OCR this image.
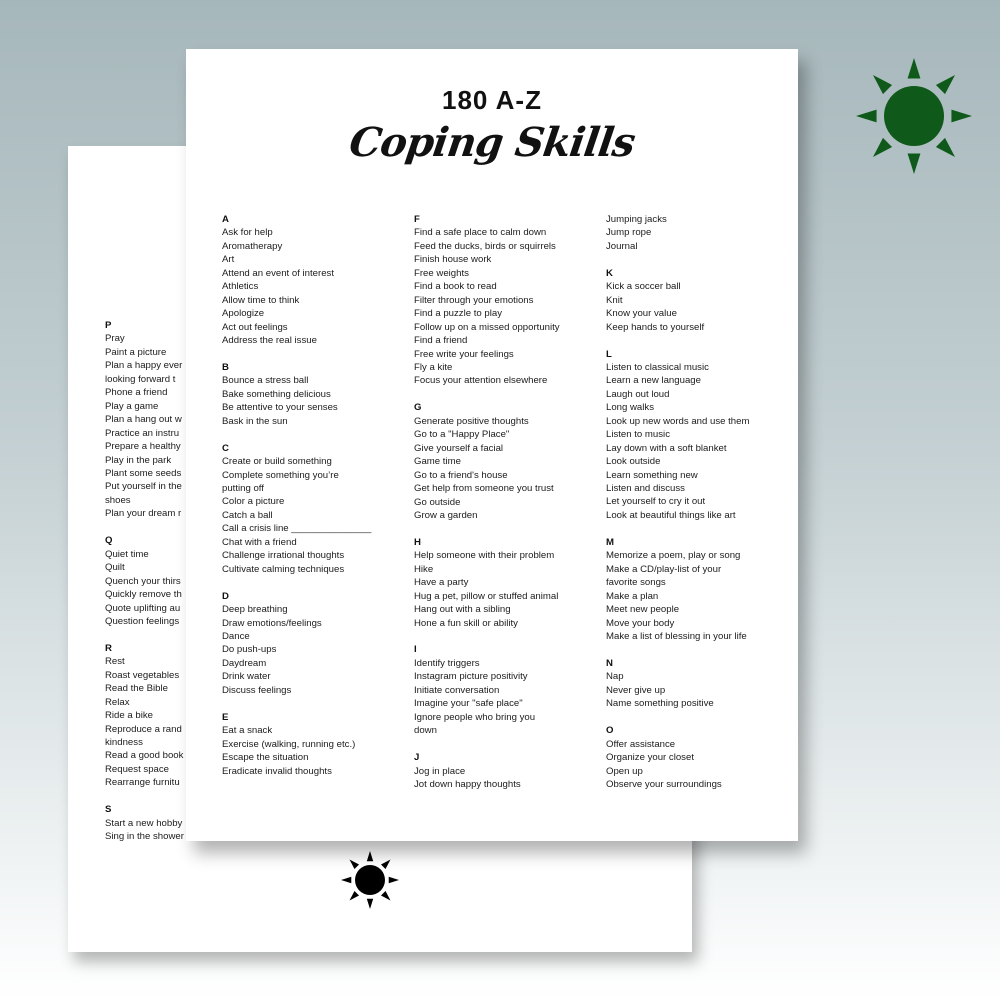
P
Pray
Paint a picture
Plan a happy ever
looking forward t
Phone a friend
Play a game
Plan a hang out w
Practice an instru
Prepare a healthy
Play in the park
Plant some seeds
Put yourself in the
shoes
Plan your dream r
Q
Quiet time
Quilt
Quench your thirs
Quickly remove th
Quote uplifting au
Question feelings
R
Rest
Roast vegetables
Read the Bible
Relax
Ride a bike
Reproduce a rand
kindness
Read a good book
Request space
Rearrange furnitu
S
Start a new hobby
Sing in the shower
180 A-Z
Coping Skills
A
Ask for help
Aromatherapy
Art
Attend an event of interest
Athletics
Allow time to think
Apologize
Act out feelings
Address the real issue
B
Bounce a stress ball
Bake something delicious
Be attentive to your senses
Bask in the sun
C
Create or build something
Complete something you’re
putting off
Color a picture
Catch a ball
Call a crisis line _______________
Chat with a friend
Challenge irrational thoughts
Cultivate calming techniques
D
Deep breathing
Draw emotions/feelings
Dance
Do push-ups
Daydream
Drink water
Discuss feelings
E
Eat a snack
Exercise (walking, running etc.)
Escape the situation
Eradicate invalid thoughts
F
Find a safe place to calm down
Feed the ducks, birds or squirrels
Finish house work
Free weights
Find a book to read
Filter through your emotions
Find a puzzle to play
Follow up on a missed opportunity
Find a friend
Free write your feelings
Fly a kite
Focus your attention elsewhere
G
Generate positive thoughts
Go to a "Happy Place"
Give yourself a facial
Game time
Go to a friend's house
Get help from someone you trust
Go outside
Grow a garden
H
Help someone with their problem
Hike
Have a party
Hug a pet, pillow or stuffed animal
Hang out with a sibling
Hone a fun skill or ability
I
Identify triggers
Instagram picture positivity
Initiate conversation
Imagine your "safe place"
Ignore people who bring you
down
J
Jog in place
Jot down happy thoughts
Jumping jacks
Jump rope
Journal
K
Kick a soccer ball
Knit
Know your value
Keep hands to yourself
L
Listen to classical music
Learn a new language
Laugh out loud
Long walks
Look up new words and use them
Listen to music
Lay down with a soft blanket
Look outside
Learn something new
Listen and discuss
Let yourself to cry it out
Look at beautiful things like art
M
Memorize a poem, play or song
Make a CD/play-list of your
favorite songs
Make a plan
Meet new people
Move your body
Make a list of blessing in your life
N
Nap
Never give up
Name something positive
O
Offer assistance
Organize your closet
Open up
Observe your surroundings
